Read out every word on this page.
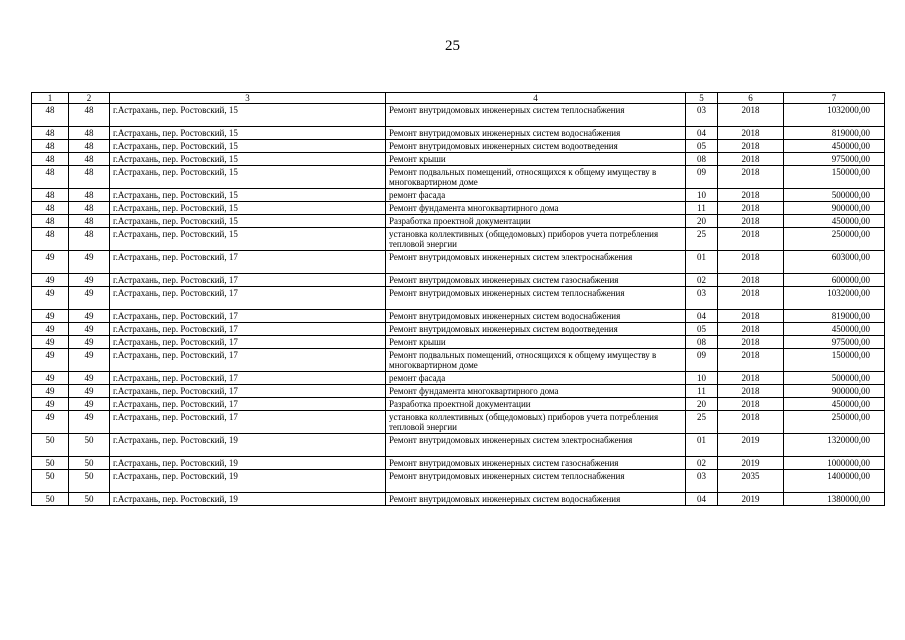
25
1	2	3	4	5	6	7
48	48	г.Астрахань, пер. Ростовский, 15	Ремонт внутридомовых инженерных систем теплоснабжения	03	2018	1032000,00
48	48	г.Астрахань, пер. Ростовский, 15	Ремонт внутридомовых инженерных систем водоснабжения	04	2018	819000,00
48	48	г.Астрахань, пер. Ростовский, 15	Ремонт внутридомовых инженерных систем водоотведения	05	2018	450000,00
48	48	г.Астрахань, пер. Ростовский, 15	Ремонт крыши	08	2018	975000,00
48	48	г.Астрахань, пер. Ростовский, 15	Ремонт подвальных помещений, относящихся к общему имуществу в многоквартирном доме	09	2018	150000,00
48	48	г.Астрахань, пер. Ростовский, 15	ремонт фасада	10	2018	500000,00
48	48	г.Астрахань, пер. Ростовский, 15	Ремонт фундамента многоквартирного дома	11	2018	900000,00
48	48	г.Астрахань, пер. Ростовский, 15	Разработка проектной документации	20	2018	450000,00
48	48	г.Астрахань, пер. Ростовский, 15	установка коллективных (общедомовых) приборов учета потребления тепловой энергии	25	2018	250000,00
49	49	г.Астрахань, пер. Ростовский, 17	Ремонт внутридомовых инженерных систем электроснабжения	01	2018	603000,00
49	49	г.Астрахань, пер. Ростовский, 17	Ремонт внутридомовых инженерных систем газоснабжения	02	2018	600000,00
49	49	г.Астрахань, пер. Ростовский, 17	Ремонт внутридомовых инженерных систем теплоснабжения	03	2018	1032000,00
49	49	г.Астрахань, пер. Ростовский, 17	Ремонт внутридомовых инженерных систем водоснабжения	04	2018	819000,00
49	49	г.Астрахань, пер. Ростовский, 17	Ремонт внутридомовых инженерных систем водоотведения	05	2018	450000,00
49	49	г.Астрахань, пер. Ростовский, 17	Ремонт крыши	08	2018	975000,00
49	49	г.Астрахань, пер. Ростовский, 17	Ремонт подвальных помещений, относящихся к общему имуществу в многоквартирном доме	09	2018	150000,00
49	49	г.Астрахань, пер. Ростовский, 17	ремонт фасада	10	2018	500000,00
49	49	г.Астрахань, пер. Ростовский, 17	Ремонт фундамента многоквартирного дома	11	2018	900000,00
49	49	г.Астрахань, пер. Ростовский, 17	Разработка проектной документации	20	2018	450000,00
49	49	г.Астрахань, пер. Ростовский, 17	установка коллективных (общедомовых) приборов учета потребления тепловой энергии	25	2018	250000,00
50	50	г.Астрахань, пер. Ростовский, 19	Ремонт внутридомовых инженерных систем электроснабжения	01	2019	1320000,00
50	50	г.Астрахань, пер. Ростовский, 19	Ремонт внутридомовых инженерных систем газоснабжения	02	2019	1000000,00
50	50	г.Астрахань, пер. Ростовский, 19	Ремонт внутридомовых инженерных систем теплоснабжения	03	2035	1400000,00
50	50	г.Астрахань, пер. Ростовский, 19	Ремонт внутридомовых инженерных систем водоснабжения	04	2019	1380000,00
